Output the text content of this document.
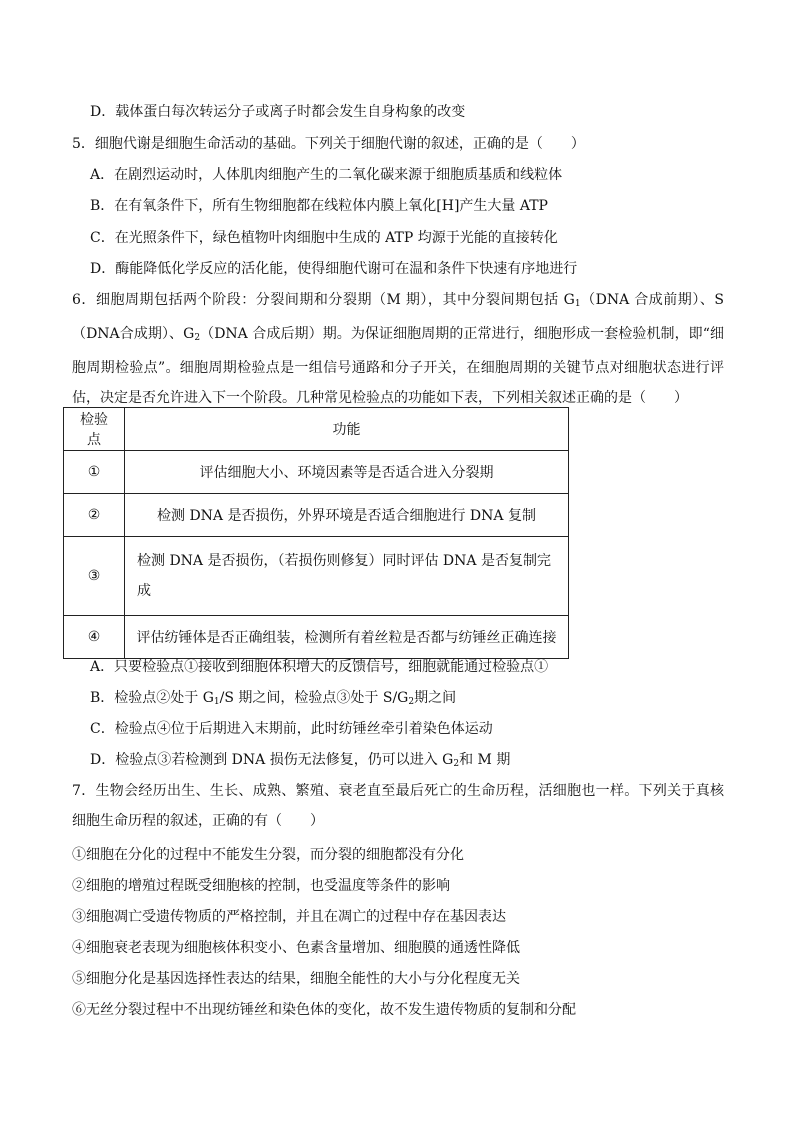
D．载体蛋白每次转运分子或离子时都会发生自身构象的改变
5．细胞代谢是细胞生命活动的基础。下列关于细胞代谢的叙述，正确的是（　　）
A．在剧烈运动时，人体肌肉细胞产生的二氧化碳来源于细胞质基质和线粒体
B．在有氧条件下，所有生物细胞都在线粒体内膜上氧化[H]产生大量 ATP
C．在光照条件下，绿色植物叶肉细胞中生成的 ATP 均源于光能的直接转化
D．酶能降低化学反应的活化能，使得细胞代谢可在温和条件下快速有序地进行
6．细胞周期包括两个阶段：分裂间期和分裂期（M 期），其中分裂间期包括 $G_1(DNA$ 合成前期）、S（DNA合成期）、$G_2(DNA$ 合成后期）期。为保证细胞周期的正常进行，细胞形成一套检验机制，即“细胞周期检验点”。细胞周期检验点是一组信号通路和分子开关，在细胞周期的关键节点对细胞状态进行评估，决定是否允许进入下一个阶段。几种常见检验点的功能如下表，下列相关叙述正确的是（　　）
检验点	功能
①	评估细胞大小、环境因素等是否适合进入分裂期
②	检测 DNA 是否损伤，外界环境是否适合细胞进行 DNA 复制
③	检测 DNA 是否损伤，（若损伤则修复）同时评估 DNA 是否复制完成
④	评估纺锤体是否正确组装，检测所有着丝粒是否都与纺锤丝正确连接
A．只要检验点①接收到细胞体积增大的反馈信号，细胞就能通过检验点①
B．检验点②处于 $G_1/S$ 期之间，检验点③处于 $S/G_2$期之间
C．检验点④位于后期进入末期前，此时纺锤丝牵引着染色体运动
D．检验点③若检测到 DNA 损伤无法修复，仍可以进入 $G_2$和 M 期
7．生物会经历出生、生长、成熟、繁殖、衰老直至最后死亡的生命历程，活细胞也一样。下列关于真核细胞生命历程的叙述，正确的有（　　）
①细胞在分化的过程中不能发生分裂，而分裂的细胞都没有分化
②细胞的增殖过程既受细胞核的控制，也受温度等条件的影响
③细胞凋亡受遗传物质的严格控制，并且在凋亡的过程中存在基因表达
④细胞衰老表现为细胞核体积变小、色素含量增加、细胞膜的通透性降低
⑤细胞分化是基因选择性表达的结果，细胞全能性的大小与分化程度无关
⑥无丝分裂过程中不出现纺锤丝和染色体的变化，故不发生遗传物质的复制和分配
